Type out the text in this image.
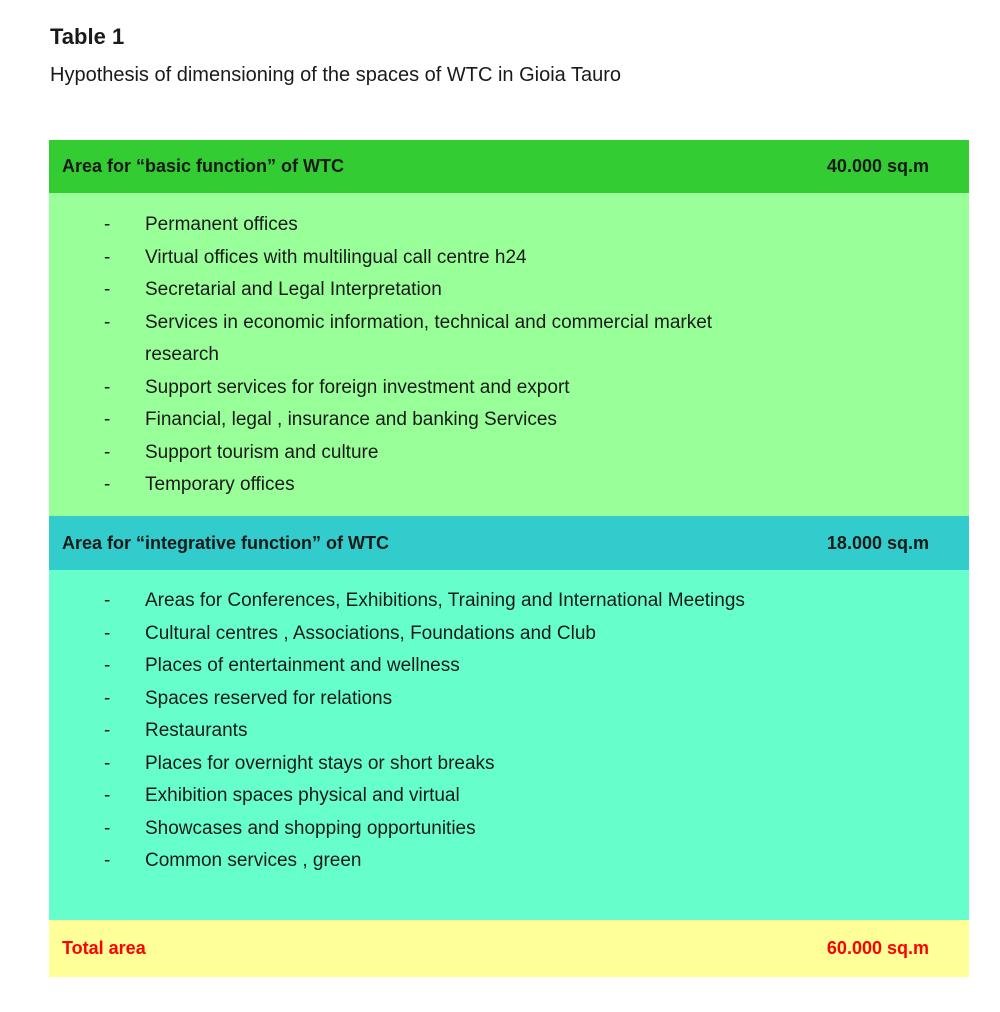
Table 1
Hypothesis of dimensioning of the spaces of WTC in Gioia Tauro
Area for “basic function” of WTC	40.000 sq.m
- Permanent offices
- Virtual offices with multilingual call centre h24
- Secretarial and Legal Interpretation
- Services in economic information, technical and commercial market research
- Support services for foreign investment and export
- Financial, legal , insurance and banking Services
- Support tourism and culture
- Temporary offices
Area for “integrative function” of WTC	18.000 sq.m
- Areas for Conferences, Exhibitions, Training and International Meetings
- Cultural centres , Associations, Foundations and Club
- Places of entertainment and wellness
- Spaces reserved for relations
- Restaurants
- Places for overnight stays or short breaks
- Exhibition spaces physical and virtual
- Showcases and shopping opportunities
- Common services , green
Total area	60.000 sq.m
